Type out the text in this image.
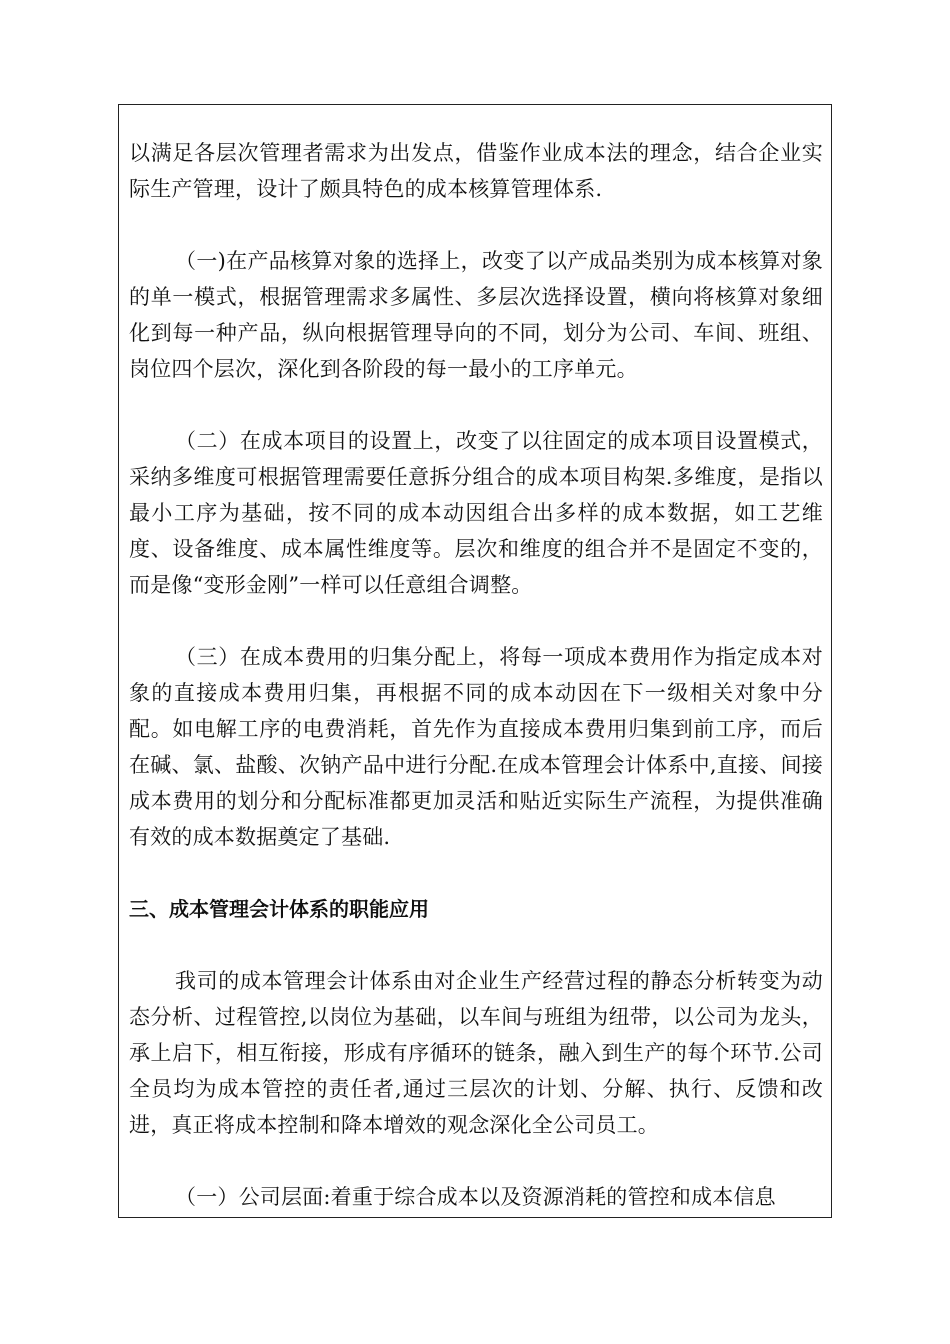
以满足各层次管理者需求为出发点，借鉴作业成本法的理念，结合企业实际生产管理，设计了颇具特色的成本核算管理体系.

（一)在产品核算对象的选择上，改变了以产成品类别为成本核算对象的单一模式，根据管理需求多属性、多层次选择设置，横向将核算对象细化到每一种产品，纵向根据管理导向的不同，划分为公司、车间、班组、岗位四个层次，深化到各阶段的每一最小的工序单元。

（二）在成本项目的设置上，改变了以往固定的成本项目设置模式，采纳多维度可根据管理需要任意拆分组合的成本项目构架.多维度，是指以最小工序为基础，按不同的成本动因组合出多样的成本数据，如工艺维度、设备维度、成本属性维度等。层次和维度的组合并不是固定不变的，而是像“变形金刚”一样可以任意组合调整。

（三）在成本费用的归集分配上，将每一项成本费用作为指定成本对象的直接成本费用归集，再根据不同的成本动因在下一级相关对象中分配。如电解工序的电费消耗，首先作为直接成本费用归集到前工序，而后在碱、氯、盐酸、次钠产品中进行分配.在成本管理会计体系中,直接、间接成本费用的划分和分配标准都更加灵活和贴近实际生产流程，为提供准确有效的成本数据奠定了基础.

三、成本管理会计体系的职能应用

我司的成本管理会计体系由对企业生产经营过程的静态分析转变为动态分析、过程管控,以岗位为基础，以车间与班组为纽带，以公司为龙头，承上启下，相互衔接，形成有序循环的链条，融入到生产的每个环节.公司全员均为成本管控的责任者,通过三层次的计划、分解、执行、反馈和改进，真正将成本控制和降本增效的观念深化全公司员工。

（一）公司层面:着重于综合成本以及资源消耗的管控和成本信息
